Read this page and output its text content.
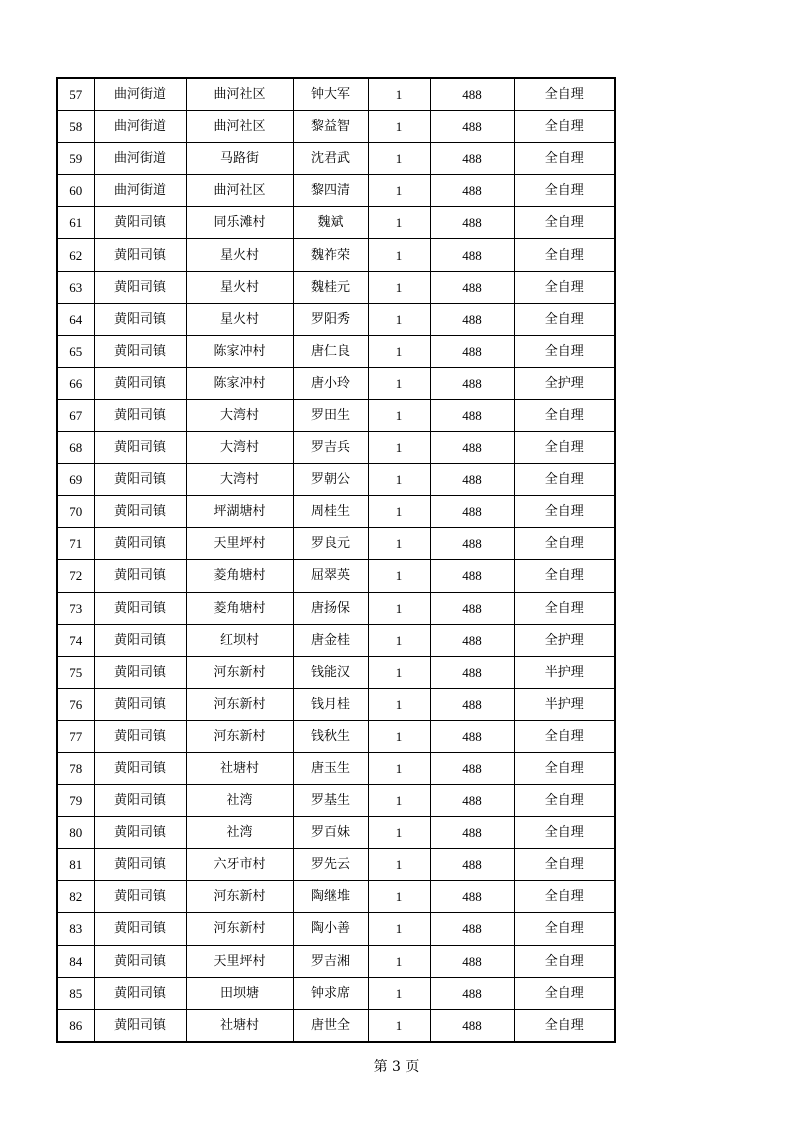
57	曲河街道	曲河社区	钟大军	1	488	全自理
58	曲河街道	曲河社区	黎益智	1	488	全自理
59	曲河街道	马路街	沈君武	1	488	全自理
60	曲河街道	曲河社区	黎四清	1	488	全自理
61	黄阳司镇	同乐滩村	魏斌	1	488	全自理
62	黄阳司镇	星火村	魏祚荣	1	488	全自理
63	黄阳司镇	星火村	魏桂元	1	488	全自理
64	黄阳司镇	星火村	罗阳秀	1	488	全自理
65	黄阳司镇	陈家冲村	唐仁良	1	488	全自理
66	黄阳司镇	陈家冲村	唐小玲	1	488	全护理
67	黄阳司镇	大湾村	罗田生	1	488	全自理
68	黄阳司镇	大湾村	罗吉兵	1	488	全自理
69	黄阳司镇	大湾村	罗朝公	1	488	全自理
70	黄阳司镇	坪湖塘村	周桂生	1	488	全自理
71	黄阳司镇	天里坪村	罗良元	1	488	全自理
72	黄阳司镇	菱角塘村	屈翠英	1	488	全自理
73	黄阳司镇	菱角塘村	唐扬保	1	488	全自理
74	黄阳司镇	红坝村	唐金桂	1	488	全护理
75	黄阳司镇	河东新村	钱能汉	1	488	半护理
76	黄阳司镇	河东新村	钱月桂	1	488	半护理
77	黄阳司镇	河东新村	钱秋生	1	488	全自理
78	黄阳司镇	社塘村	唐玉生	1	488	全自理
79	黄阳司镇	社湾	罗基生	1	488	全自理
80	黄阳司镇	社湾	罗百妹	1	488	全自理
81	黄阳司镇	六牙市村	罗先云	1	488	全自理
82	黄阳司镇	河东新村	陶继堆	1	488	全自理
83	黄阳司镇	河东新村	陶小善	1	488	全自理
84	黄阳司镇	天里坪村	罗吉湘	1	488	全自理
85	黄阳司镇	田坝塘	钟求席	1	488	全自理
86	黄阳司镇	社塘村	唐世全	1	488	全自理
第 3 页
